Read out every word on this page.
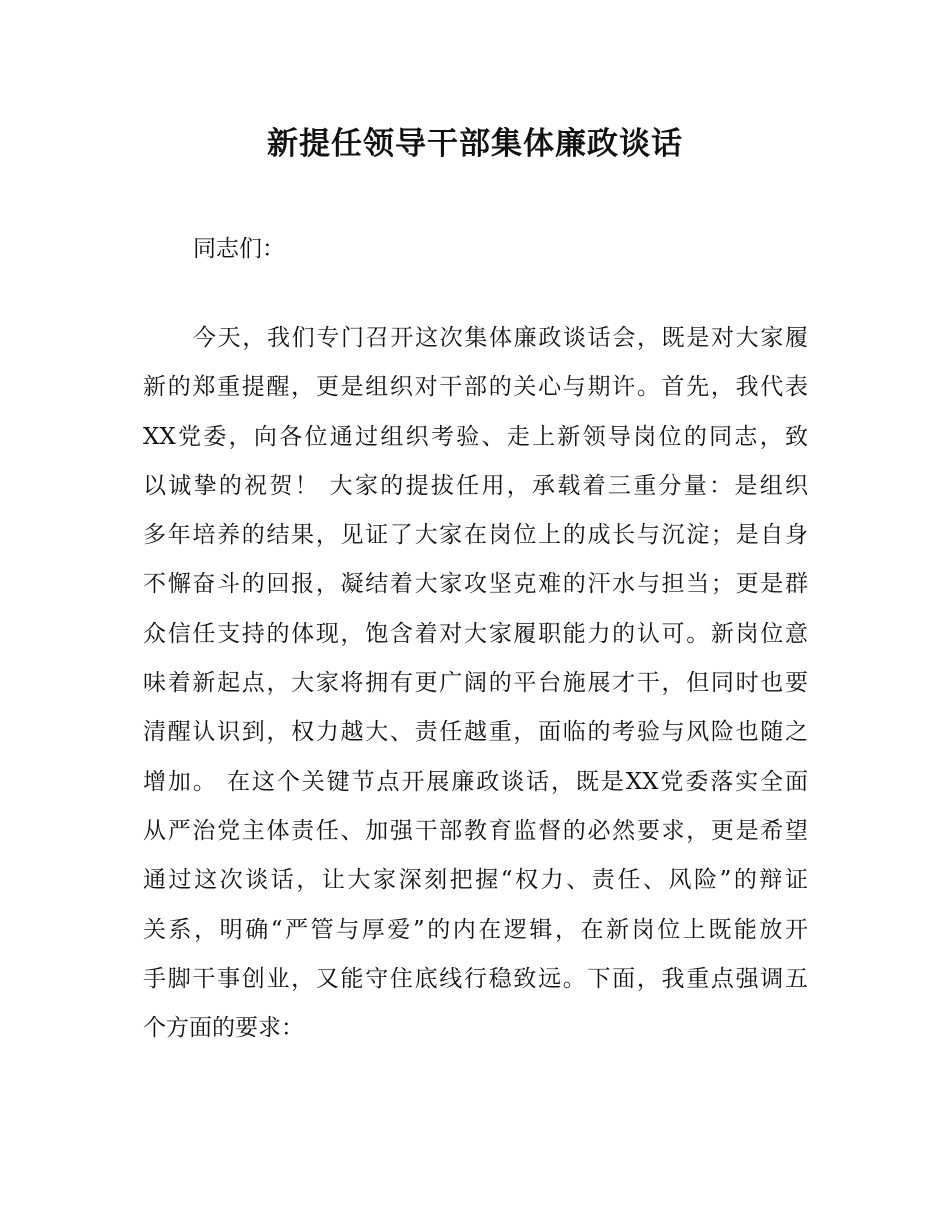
新提任领导干部集体廉政谈话
同志们：
今天，我们专门召开这次集体廉政谈话会，既是对大家履
新的郑重提醒，更是组织对干部的关心与期许。首先，我代表
XX党委，向各位通过组织考验、走上新领导岗位的同志，致
以诚挚的祝贺！ 大家的提拔任用，承载着三重分量：是组织
多年培养的结果，见证了大家在岗位上的成长与沉淀；是自身
不懈奋斗的回报，凝结着大家攻坚克难的汗水与担当；更是群
众信任支持的体现，饱含着对大家履职能力的认可。新岗位意
味着新起点，大家将拥有更广阔的平台施展才干，但同时也要
清醒认识到，权力越大、责任越重，面临的考验与风险也随之
增加。 在这个关键节点开展廉政谈话，既是XX党委落实全面
从严治党主体责任、加强干部教育监督的必然要求，更是希望
通过这次谈话，让大家深刻把握“权力、责任、风险”的辩证
关系，明确“严管与厚爱”的内在逻辑，在新岗位上既能放开
手脚干事创业，又能守住底线行稳致远。下面，我重点强调五
个方面的要求：
